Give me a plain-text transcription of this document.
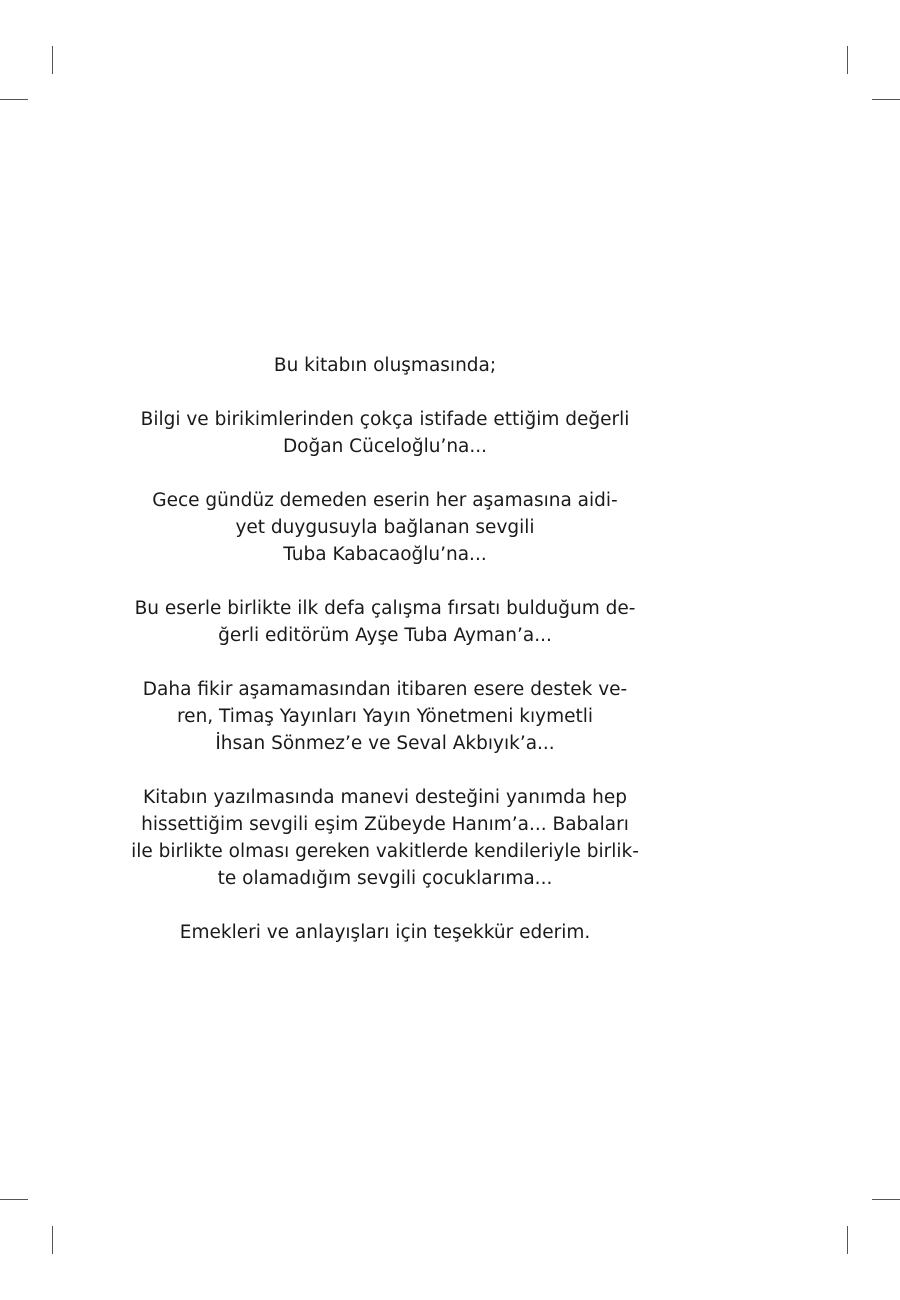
Bu kitabın oluşmasında;

Bilgi ve birikimlerinden çokça istifade ettiğim değerli
Doğan Cüceloğlu’na...

Gece gündüz demeden eserin her aşamasına aidi-
yet duygusuyla bağlanan sevgili
Tuba Kabacaoğlu’na...

Bu eserle birlikte ilk defa çalışma fırsatı bulduğum de-
ğerli editörüm Ayşe Tuba Ayman’a...

Daha fikir aşamamasından itibaren esere destek ve-
ren, Timaş Yayınları Yayın Yönetmeni kıymetli
İhsan Sönmez’e ve Seval Akbıyık’a...

Kitabın yazılmasında manevi desteğini yanımda hep
hissettiğim sevgili eşim Zübeyde Hanım’a... Babaları
ile birlikte olması gereken vakitlerde kendileriyle birlik-
te olamadığım sevgili çocuklarıma...

Emekleri ve anlayışları için teşekkür ederim.
